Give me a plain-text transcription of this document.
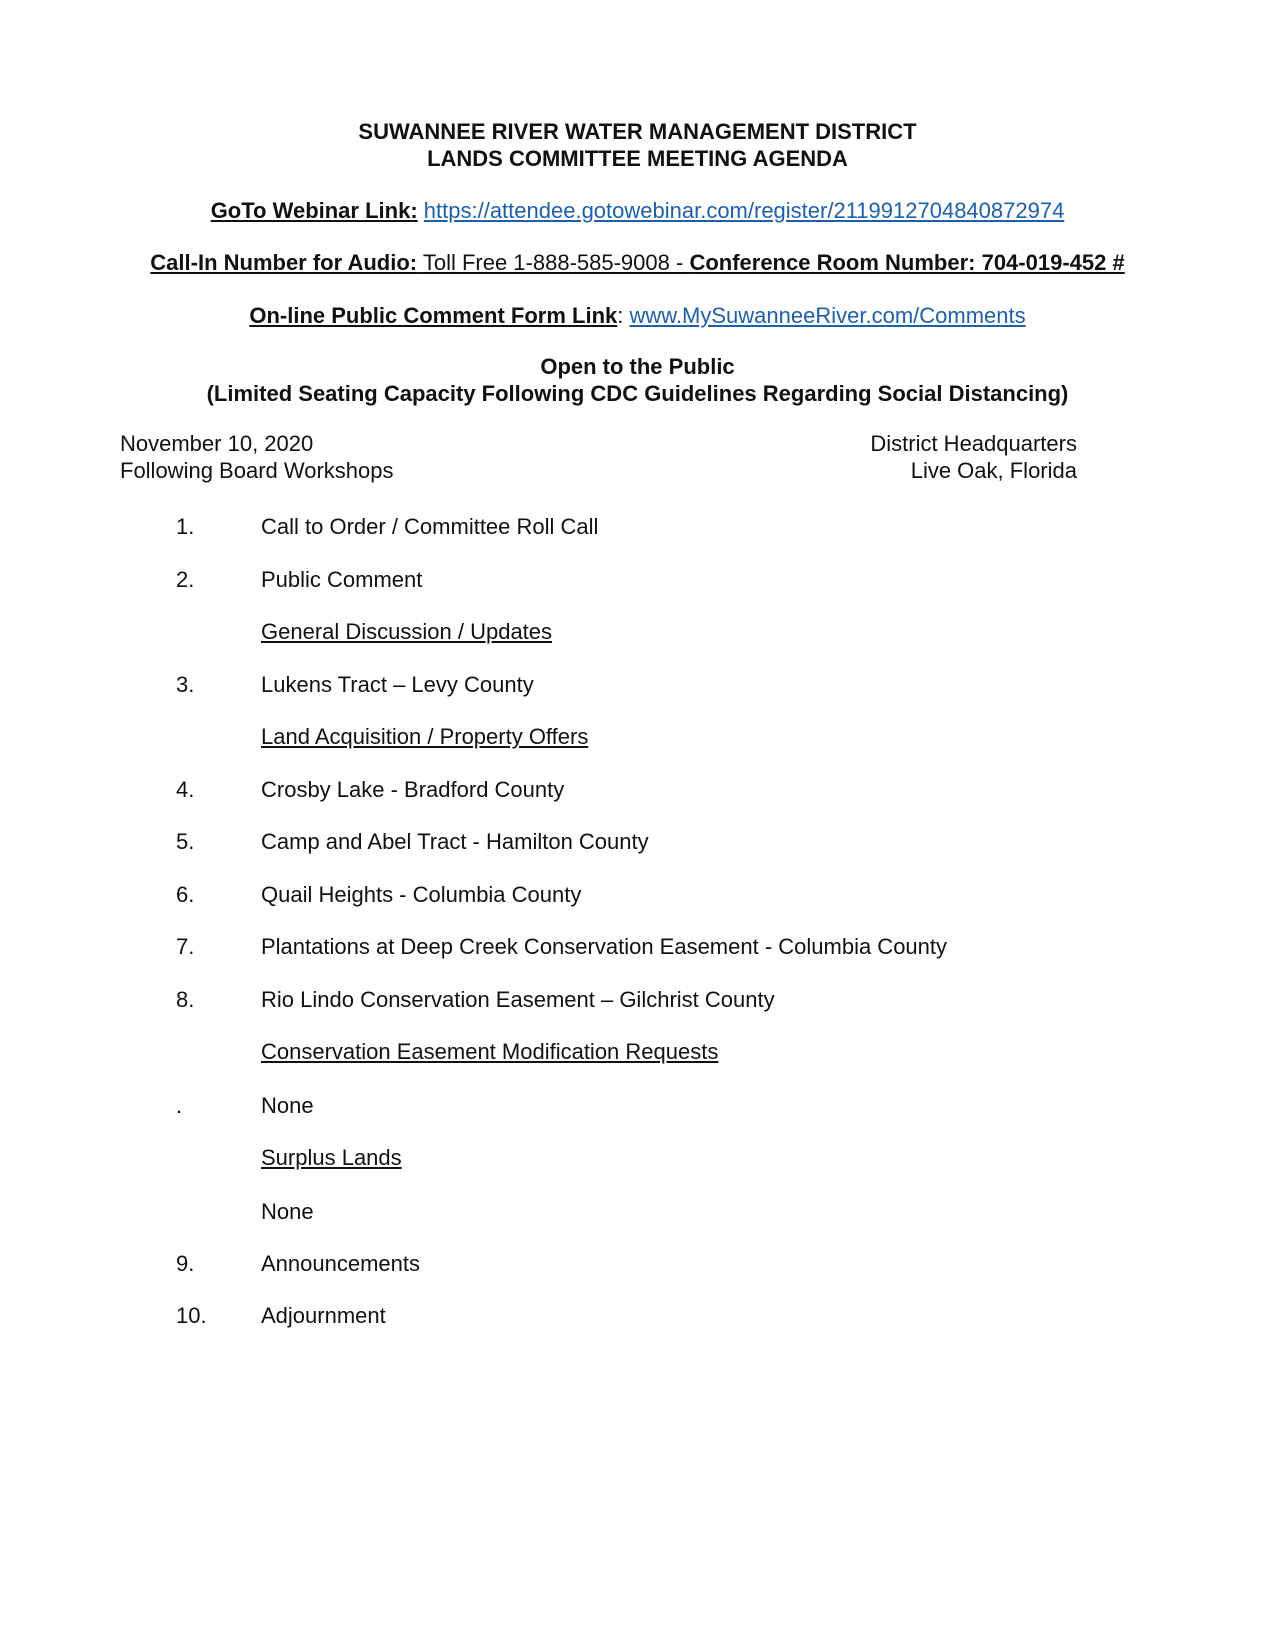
SUWANNEE RIVER WATER MANAGEMENT DISTRICT
LANDS COMMITTEE MEETING AGENDA
GoTo Webinar Link: https://attendee.gotowebinar.com/register/2119912704840872974
Call-In Number for Audio: Toll Free 1-888-585-9008 - Conference Room Number: 704-019-452 #
On-line Public Comment Form Link: www.MySuwanneeRiver.com/Comments
Open to the Public
(Limited Seating Capacity Following CDC Guidelines Regarding Social Distancing)
November 10, 2020
Following Board Workshops
District Headquarters
Live Oak, Florida
1.	Call to Order / Committee Roll Call
2.	Public Comment
General Discussion / Updates
3.	Lukens Tract – Levy County
Land Acquisition / Property Offers
4.	Crosby Lake - Bradford County
5.	Camp and Abel Tract - Hamilton County
6.	Quail Heights - Columbia County
7.	Plantations at Deep Creek Conservation Easement - Columbia County
8.	Rio Lindo Conservation Easement – Gilchrist County
Conservation Easement Modification Requests
.	None
Surplus Lands
None
9.	Announcements
10. Adjournment
